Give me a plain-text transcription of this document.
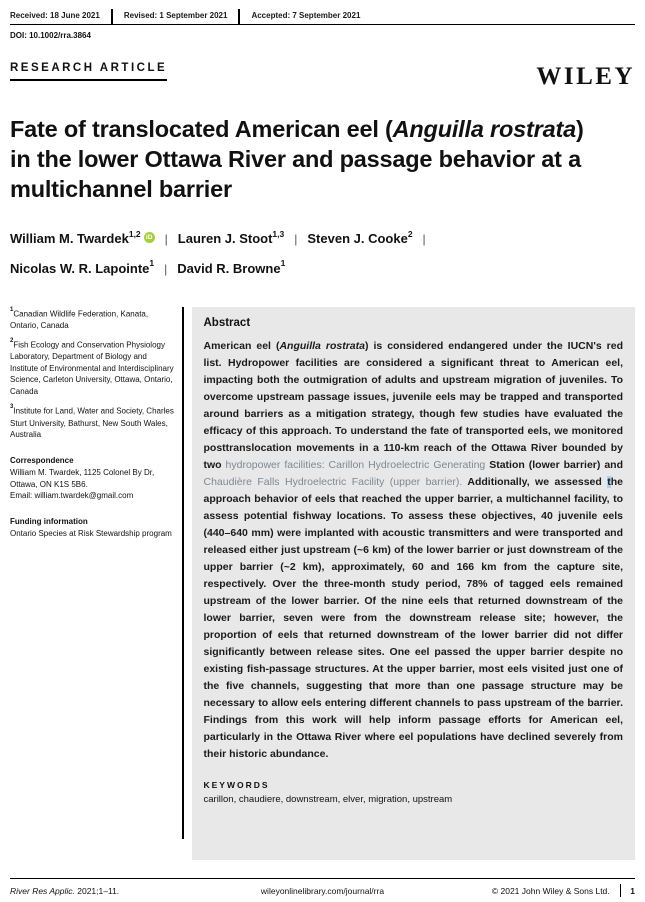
Received: 18 June 2021	Revised: 1 September 2021	Accepted: 7 September 2021
DOI: 10.1002/rra.3864
RESEARCH ARTICLE	WILEY
Fate of translocated American eel (Anguilla rostrata) in the lower Ottawa River and passage behavior at a multichannel barrier
William M. Twardek$^{1,2}$ iD | Lauren J. Stoot$^{1,3}$ | Steven J. Cooke$^2$ |
Nicolas W. R. Lapointe$^1$ | David R. Browne$^1$
$^1$Canadian Wildlife Federation, Kanata, Ontario, Canada
$^2$Fish Ecology and Conservation Physiology Laboratory, Department of Biology and Institute of Environmental and Interdisciplinary Science, Carleton University, Ottawa, Ontario, Canada
$^3$Institute for Land, Water and Society, Charles Sturt University, Bathurst, New South Wales, Australia
Correspondence
William M. Twardek, 1125 Colonel By Dr, Ottawa, ON K1S 5B6.
Email: william.twardek@gmail.com
Funding information
Ontario Species at Risk Stewardship program
Abstract

American eel (Anguilla rostrata) is considered endangered under the IUCN's red list. Hydropower facilities are considered a significant threat to American eel, impacting both the outmigration of adults and upstream migration of juveniles. To overcome upstream passage issues, juvenile eels may be trapped and transported around barriers as a mitigation strategy, though few studies have evaluated the efficacy of this approach. To understand the fate of transported eels, we monitored posttranslocation movements in a 110-km reach of the Ottawa River bounded by two hydropower facilities: Carillon Hydroelectric Generating Station (lower barrier) and Chaudière Falls Hydroelectric Facility (upper barrier). Additionally, we assessed the approach behavior of eels that reached the upper barrier, a multichannel facility, to assess potential fishway locations. To assess these objectives, 40 juvenile eels (440–640 mm) were implanted with acoustic transmitters and were transported and released either just upstream (~6 km) of the lower barrier or just downstream of the upper barrier (~2 km), approximately, 60 and 166 km from the capture site, respectively. Over the three-month study period, 78% of tagged eels remained upstream of the lower barrier. Of the nine eels that returned downstream of the lower barrier, seven were from the downstream release site; however, the proportion of eels that returned downstream of the lower barrier did not differ significantly between release sites. One eel passed the upper barrier despite no existing fish-passage structures. At the upper barrier, most eels visited just one of the five channels, suggesting that more than one passage structure may be necessary to allow eels entering different channels to pass upstream of the barrier. Findings from this work will help inform passage efforts for American eel, particularly in the Ottawa River where eel populations have declined severely from their historic abundance.

KEYWORDS
carillon, chaudiere, downstream, elver, migration, upstream
River Res Applic. 2021;1–11.	wileyonlinelibrary.com/journal/rra	© 2021 John Wiley & Sons Ltd. 1
